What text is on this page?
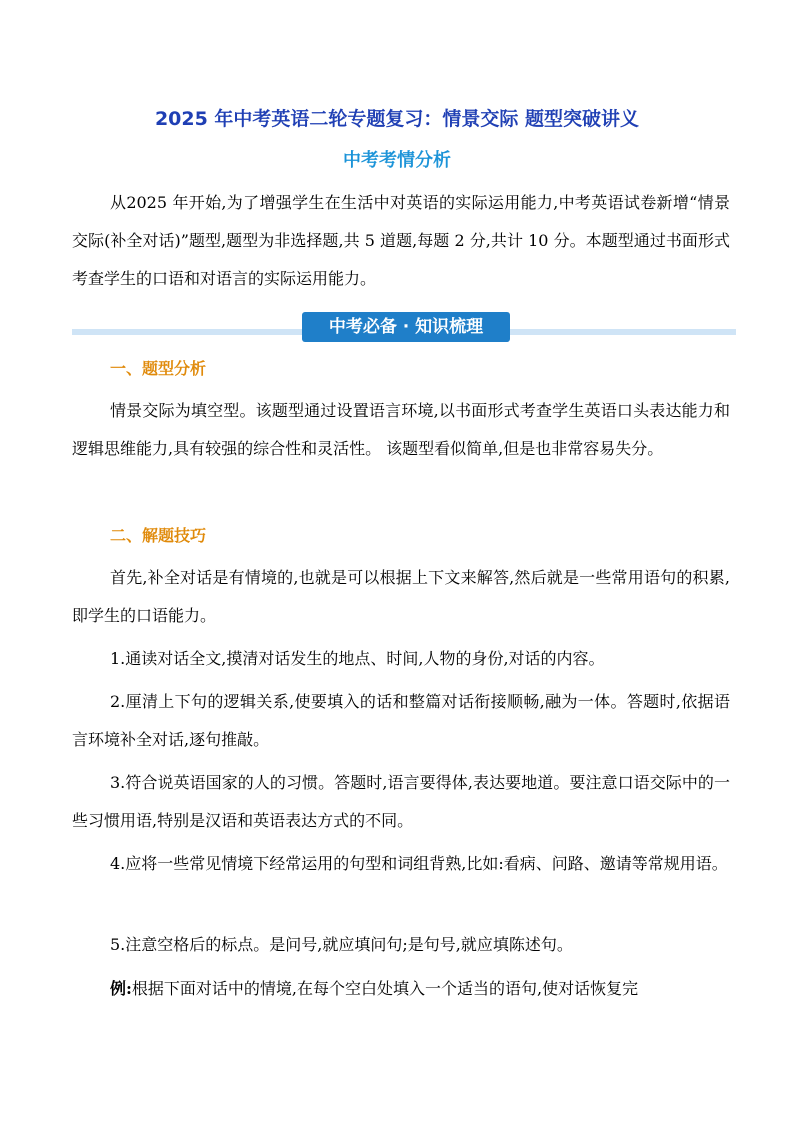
2025 年中考英语二轮专题复习：情景交际 题型突破讲义
中考考情分析
从2025 年开始,为了增强学生在生活中对英语的实际运用能力,中考英语试卷新增“情景交际(补全对话)”题型,题型为非选择题,共 5 道题,每题 2 分,共计 10 分。本题型通过书面形式考查学生的口语和对语言的实际运用能力。
中考必备 · 知识梳理
一、题型分析
情景交际为填空型。该题型通过设置语言环境,以书面形式考查学生英语口头表达能力和逻辑思维能力,具有较强的综合性和灵活性。 该题型看似简单,但是也非常容易失分。
二、解题技巧
首先,补全对话是有情境的,也就是可以根据上下文来解答,然后就是一些常用语句的积累,即学生的口语能力。
1.通读对话全文,摸清对话发生的地点、时间,人物的身份,对话的内容。
2.厘清上下句的逻辑关系,使要填入的话和整篇对话衔接顺畅,融为一体。答题时,依据语言环境补全对话,逐句推敲。
3.符合说英语国家的人的习惯。答题时,语言要得体,表达要地道。要注意口语交际中的一些习惯用语,特别是汉语和英语表达方式的不同。
4.应将一些常见情境下经常运用的句型和词组背熟,比如:看病、问路、邀请等常规用语。
5.注意空格后的标点。是问号,就应填问句;是句号,就应填陈述句。
例:根据下面对话中的情境,在每个空白处填入一个适当的语句,使对话恢复完
